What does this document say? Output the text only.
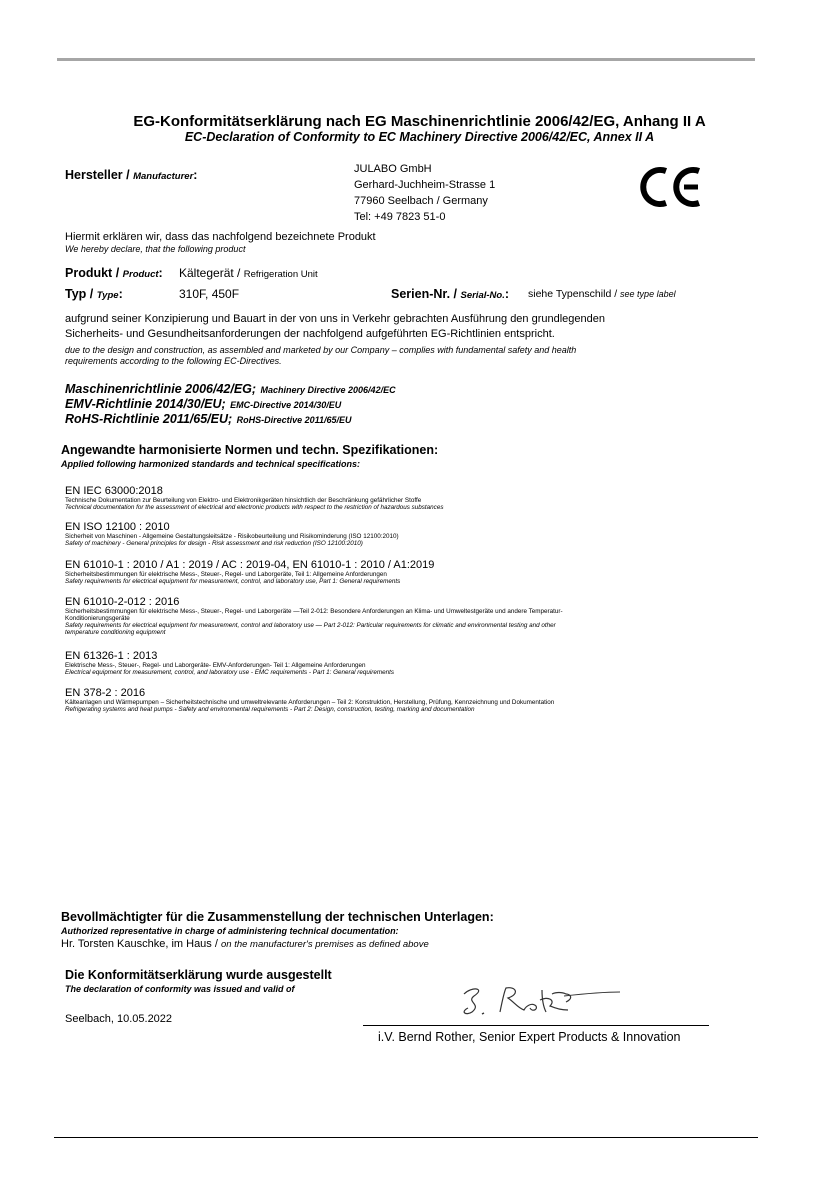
EG-Konformitätserklärung nach EG Maschinenrichtlinie 2006/42/EG, Anhang II A
EC-Declaration of Conformity to EC Machinery Directive 2006/42/EC, Annex II A
Hersteller / Manufacturer:	JULABO GmbH
Gerhard-Juchheim-Strasse 1
77960 Seelbach / Germany
Tel: +49 7823 51-0
Hiermit erklären wir, dass das nachfolgend bezeichnete Produkt
We hereby declare, that the following product
Produkt / Product: Kältegerät / Refrigeration Unit
Typ / Type:	310F, 450F	Serien-Nr. / Serial-No.: siehe Typenschild / see type label
aufgrund seiner Konzipierung und Bauart in der von uns in Verkehr gebrachten Ausführung den grundlegenden
Sicherheits- und Gesundheitsanforderungen der nachfolgend aufgeführten EG-Richtlinien entspricht.
due to the design and construction, as assembled and marketed by our Company – complies with fundamental safety and health
requirements according to the following EC-Directives.
Maschinenrichtlinie 2006/42/EG; Machinery Directive 2006/42/EC
EMV-Richtlinie 2014/30/EU; EMC-Directive 2014/30/EU
RoHS-Richtlinie 2011/65/EU; RoHS-Directive 2011/65/EU
Angewandte harmonisierte Normen und techn. Spezifikationen:
Applied following harmonized standards and technical specifications:
EN IEC 63000:2018
Technische Dokumentation zur Beurteilung von Elektro- und Elektronikgeräten hinsichtlich der Beschränkung gefährlicher Stoffe
Technical documentation for the assessment of electrical and electronic products with respect to the restriction of hazardous substances
EN ISO 12100 : 2010
Sicherheit von Maschinen - Allgemeine Gestaltungsleitsätze - Risikobeurteilung und Risikominderung (ISO 12100:2010)
Safety of machinery - General principles for design - Risk assessment and risk reduction (ISO 12100:2010)
EN 61010-1 : 2010 / A1 : 2019 / AC : 2019-04, EN 61010-1 : 2010 / A1:2019
Sicherheitsbestimmungen für elektrische Mess-, Steuer-, Regel- und Laborgeräte, Teil 1: Allgemeine Anforderungen
Safety requirements for electrical equipment for measurement, control, and laboratory use, Part 1: General requirements
EN 61010-2-012 : 2016
Sicherheitsbestimmungen für elektrische Mess-, Steuer-, Regel- und Laborgeräte —Teil 2-012: Besondere Anforderungen an Klima- und Umweltestgeräte und andere Temperatur-
Konditionierungsgeräte
Safety requirements for electrical equipment for measurement, control and laboratory use — Part 2-012: Particular requirements for climatic and environmental testing and other
temperature conditioning equipment
EN 61326-1 : 2013
Elektrische Mess-, Steuer-, Regel- und Laborgeräte- EMV-Anforderungen- Teil 1: Allgemeine Anforderungen
Electrical equipment for measurement, control, and laboratory use - EMC requirements - Part 1: General requirements
EN 378-2 : 2016
Kälteanlagen und Wärmepumpen – Sicherheitstechnische und umweltrelevante Anforderungen – Teil 2: Konstruktion, Herstellung, Prüfung, Kennzeichnung und Dokumentation
Refrigerating systems and heat pumps - Safety and environmental requirements - Part 2: Design, construction, testing, marking and documentation
Bevollmächtigter für die Zusammenstellung der technischen Unterlagen:
Authorized representative in charge of administering technical documentation:
Hr. Torsten Kauschke, im Haus / on the manufacturer's premises as defined above
Die Konformitätserklärung wurde ausgestellt
The declaration of conformity was issued and valid of
Seelbach, 10.05.2022
i.V. Bernd Rother, Senior Expert Products & Innovation
